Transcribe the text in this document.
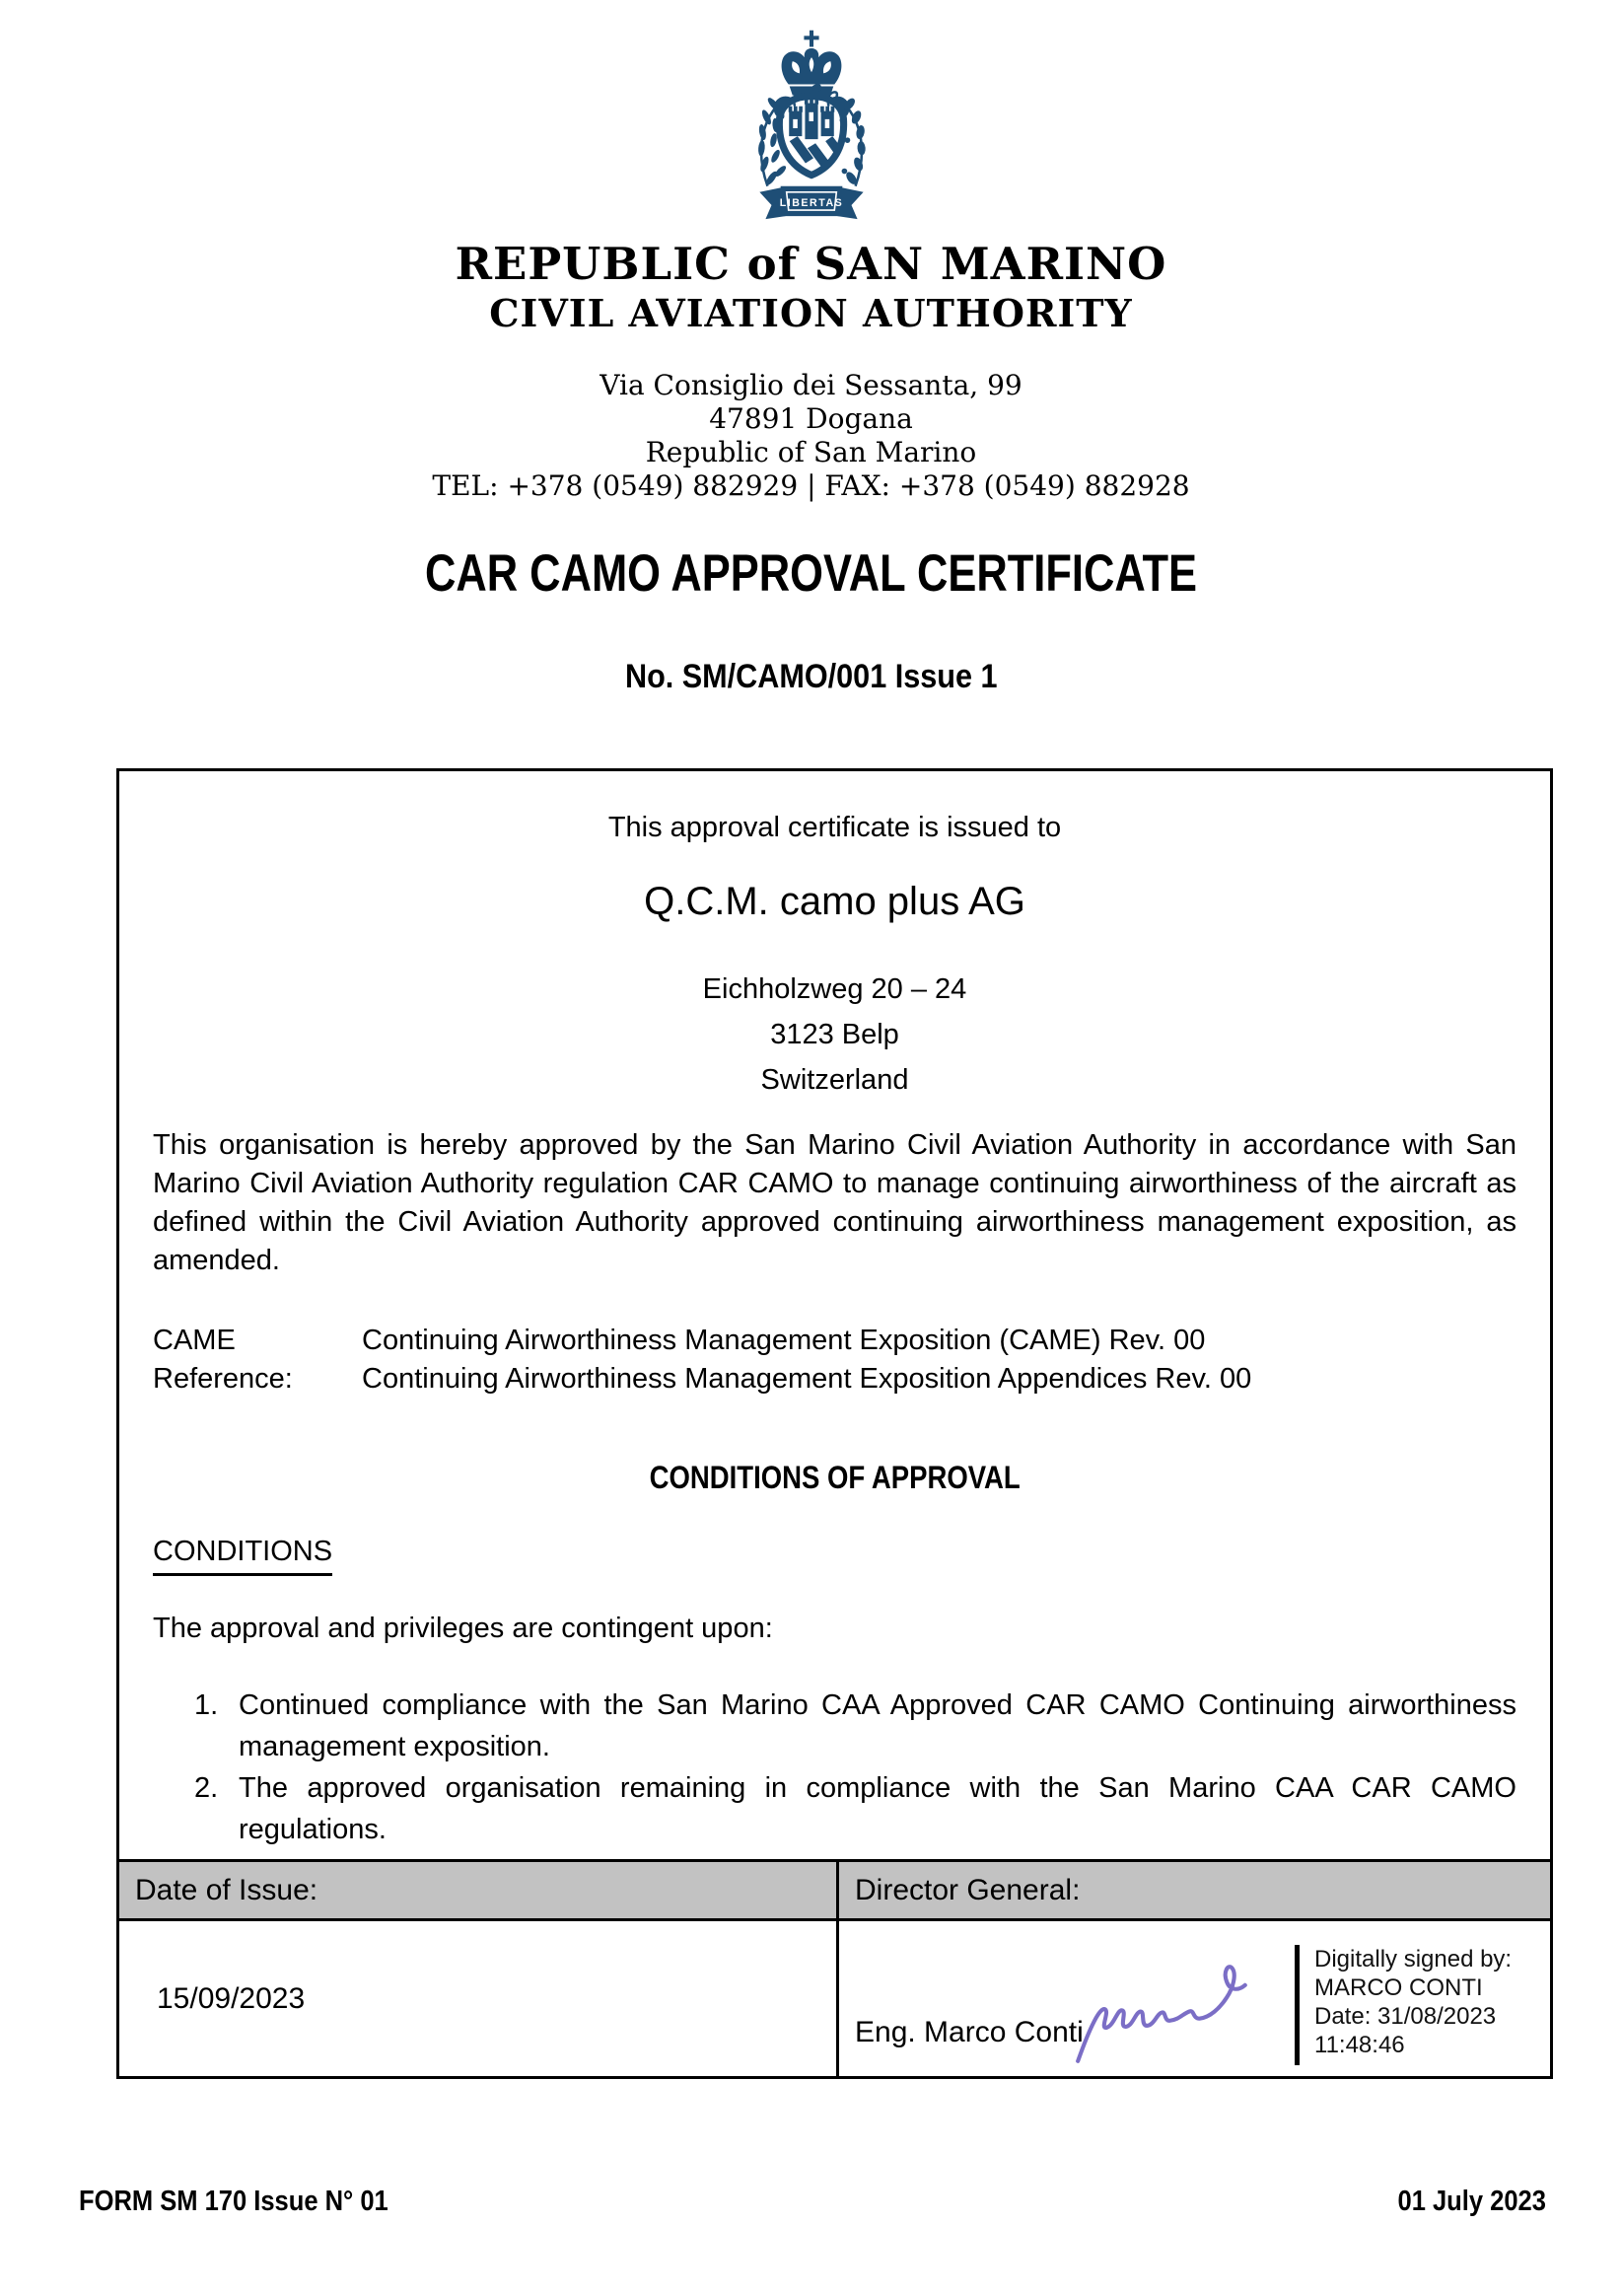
LIBERTAS
REPUBLIC of SAN MARINO
CIVIL AVIATION AUTHORITY
Via Consiglio dei Sessanta, 99
47891 Dogana
Republic of San Marino
TEL: +378 (0549) 882929 | FAX: +378 (0549) 882928
CAR CAMO APPROVAL CERTIFICATE
No. SM/CAMO/001 Issue 1
This approval certificate is issued to
Q.C.M. camo plus AG
Eichholzweg 20 – 24
3123 Belp
Switzerland
This organisation is hereby approved by the San Marino Civil Aviation Authority in accordance with San Marino Civil Aviation Authority regulation CAR CAMO to manage continuing airworthiness of the aircraft as defined within the Civil Aviation Authority approved continuing airworthiness management exposition, as amended.
CAME Reference:
Continuing Airworthiness Management Exposition (CAME) Rev. 00
Continuing Airworthiness Management Exposition Appendices Rev. 00
CONDITIONS OF APPROVAL
CONDITIONS
The approval and privileges are contingent upon:
1. Continued compliance with the San Marino CAA Approved CAR CAMO Continuing airworthiness management exposition.
2. The approved organisation remaining in compliance with the San Marino CAA CAR CAMO regulations.
Date of Issue:	Director General:
15/09/2023
Eng. Marco Conti
Digitally signed by:
MARCO CONTI
Date: 31/08/2023
11:48:46
FORM SM 170 Issue N° 01	01 July 2023
